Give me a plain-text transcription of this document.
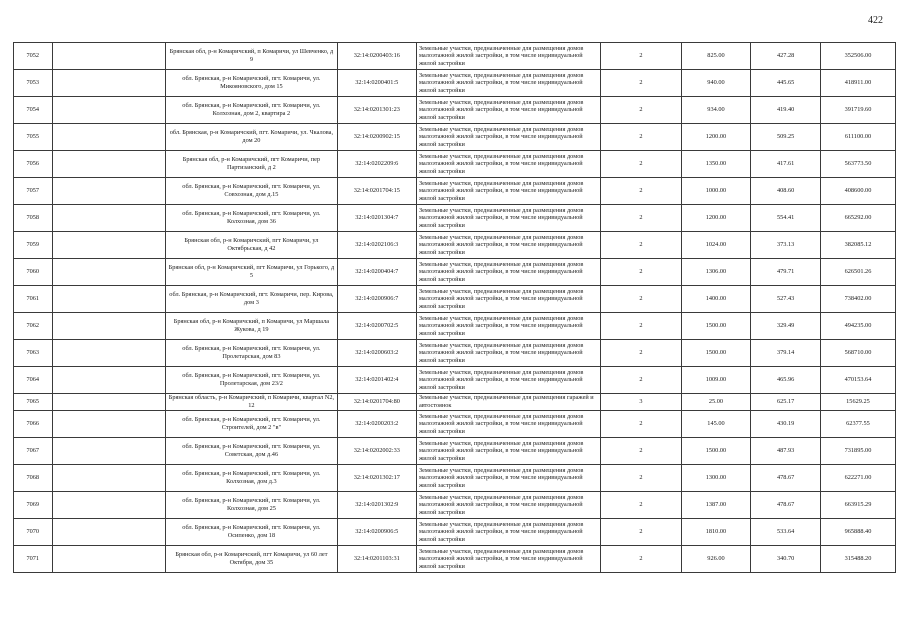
422
7052		Брянская обл, р-н Комаричский, п Комаричи, ул Шевченко, д 9	32:14:0200403:16	Земельные участки, предназначенные для размещения домов малоэтажной жилой застройки, в том числе индивидуальной жилой застройки	2	825.00	427.28	352506.00
7053		обл. Брянская, р-н Комаричский, пгт. Комаричи, ул. Микояновского, дом 15	32:14:0200401:5	Земельные участки, предназначенные для размещения домов малоэтажной жилой застройки, в том числе индивидуальной жилой застройки	2	940.00	445.65	418911.00
7054		обл. Брянская, р-н Комаричский, пгт. Комаричи, ул. Колхозная, дом 2, квартира 2	32:14:0201301:23	Земельные участки, предназначенные для размещения домов малоэтажной жилой застройки, в том числе индивидуальной жилой застройки	2	934.00	419.40	391719.60
7055		обл. Брянская, р-н Комаричский, пгт. Комаричи, ул. Чкалова, дом 20	32:14:0200902:15	Земельные участки, предназначенные для размещения домов малоэтажной жилой застройки, в том числе индивидуальной жилой застройки	2	1200.00	509.25	611100.00
7056		Брянская обл, р-н Комаричский, пгт Комаричи, пер Партизанский, д 2	32:14:0202209:6	Земельные участки, предназначенные для размещения домов малоэтажной жилой застройки, в том числе индивидуальной жилой застройки	2	1350.00	417.61	563773.50
7057		обл. Брянская, р-н Комаричский, пгт. Комаричи, ул. Совхозная, дом д.15	32:14:0201704:15	Земельные участки, предназначенные для размещения домов малоэтажной жилой застройки, в том числе индивидуальной жилой застройки	2	1000.00	408.60	408600.00
7058		обл. Брянская, р-н Комаричский, пгт. Комаричи, ул. Колхозная, дом 36	32:14:0201304:7	Земельные участки, предназначенные для размещения домов малоэтажной жилой застройки, в том числе индивидуальной жилой застройки	2	1200.00	554.41	665292.00
7059		Брянская обл, р-н Комаричский, пгт Комаричи, ул Октябрьская, д 42	32:14:0202106:3	Земельные участки, предназначенные для размещения домов малоэтажной жилой застройки, в том числе индивидуальной жилой застройки	2	1024.00	373.13	382085.12
7060		Брянская обл, р-н Комаричский, пгт Комаричи, ул Горького, д 5	32:14:0200404:7	Земельные участки, предназначенные для размещения домов малоэтажной жилой застройки, в том числе индивидуальной жилой застройки	2	1306.00	479.71	626501.26
7061		обл. Брянская, р-н Комаричский, пгт. Комаричи, пер. Кирова, дом 3	32:14:0200906:7	Земельные участки, предназначенные для размещения домов малоэтажной жилой застройки, в том числе индивидуальной жилой застройки	2	1400.00	527.43	738402.00
7062		Брянская обл, р-н Комаричский, п Комаричи, ул Маршала Жукова, д 19	32:14:0200702:5	Земельные участки, предназначенные для размещения домов малоэтажной жилой застройки, в том числе индивидуальной жилой застройки	2	1500.00	329.49	494235.00
7063		обл. Брянская, р-н Комаричский, пгт. Комаричи, ул. Пролетарская, дом 83	32:14:0200603:2	Земельные участки, предназначенные для размещения домов малоэтажной жилой застройки, в том числе индивидуальной жилой застройки	2	1500.00	379.14	568710.00
7064		обл. Брянская, р-н Комаричский, пгт. Комаричи, ул. Пролетарская, дом 23/2	32:14:0201402:4	Земельные участки, предназначенные для размещения домов малоэтажной жилой застройки, в том числе индивидуальной жилой застройки	2	1009.00	465.96	470153.64
7065		Брянская область, р-н Комаричский, п Комаричи, квартал N2, 12	32:14:0201704:80	Земельные участки, предназначенные для размещения гаражей и автостоянок	3	25.00	625.17	15629.25
7066		обл. Брянская, р-н Комаричский, пгт. Комаричи, ул. Строителей, дом 2 "в"	32:14:0200203:2	Земельные участки, предназначенные для размещения домов малоэтажной жилой застройки, в том числе индивидуальной жилой застройки	2	145.00	430.19	62377.55
7067		обл. Брянская, р-н Комаричский, пгт. Комаричи, ул. Советская, дом д.46	32:14:0202002:33	Земельные участки, предназначенные для размещения домов малоэтажной жилой застройки, в том числе индивидуальной жилой застройки	2	1500.00	487.93	731895.00
7068		обл. Брянская, р-н Комаричский, пгт. Комаричи, ул. Колхозная, дом д.3	32:14:0201302:17	Земельные участки, предназначенные для размещения домов малоэтажной жилой застройки, в том числе индивидуальной жилой застройки	2	1300.00	478.67	622271.00
7069		обл. Брянская, р-н Комаричский, пгт. Комаричи, ул. Колхозная, дом 25	32:14:0201302:9	Земельные участки, предназначенные для размещения домов малоэтажной жилой застройки, в том числе индивидуальной жилой застройки	2	1387.00	478.67	663915.29
7070		обл. Брянская, р-н Комаричский, пгт. Комаричи, ул. Осипенко, дом 18	32:14:0200906:5	Земельные участки, предназначенные для размещения домов малоэтажной жилой застройки, в том числе индивидуальной жилой застройки	2	1810.00	533.64	965888.40
7071		Брянская обл, р-н Комаричский, пгт Комаричи, ул 60 лет Октября, дом 35	32:14:0201103:31	Земельные участки, предназначенные для размещения домов малоэтажной жилой застройки, в том числе индивидуальной жилой застройки	2	926.00	340.70	315488.20
